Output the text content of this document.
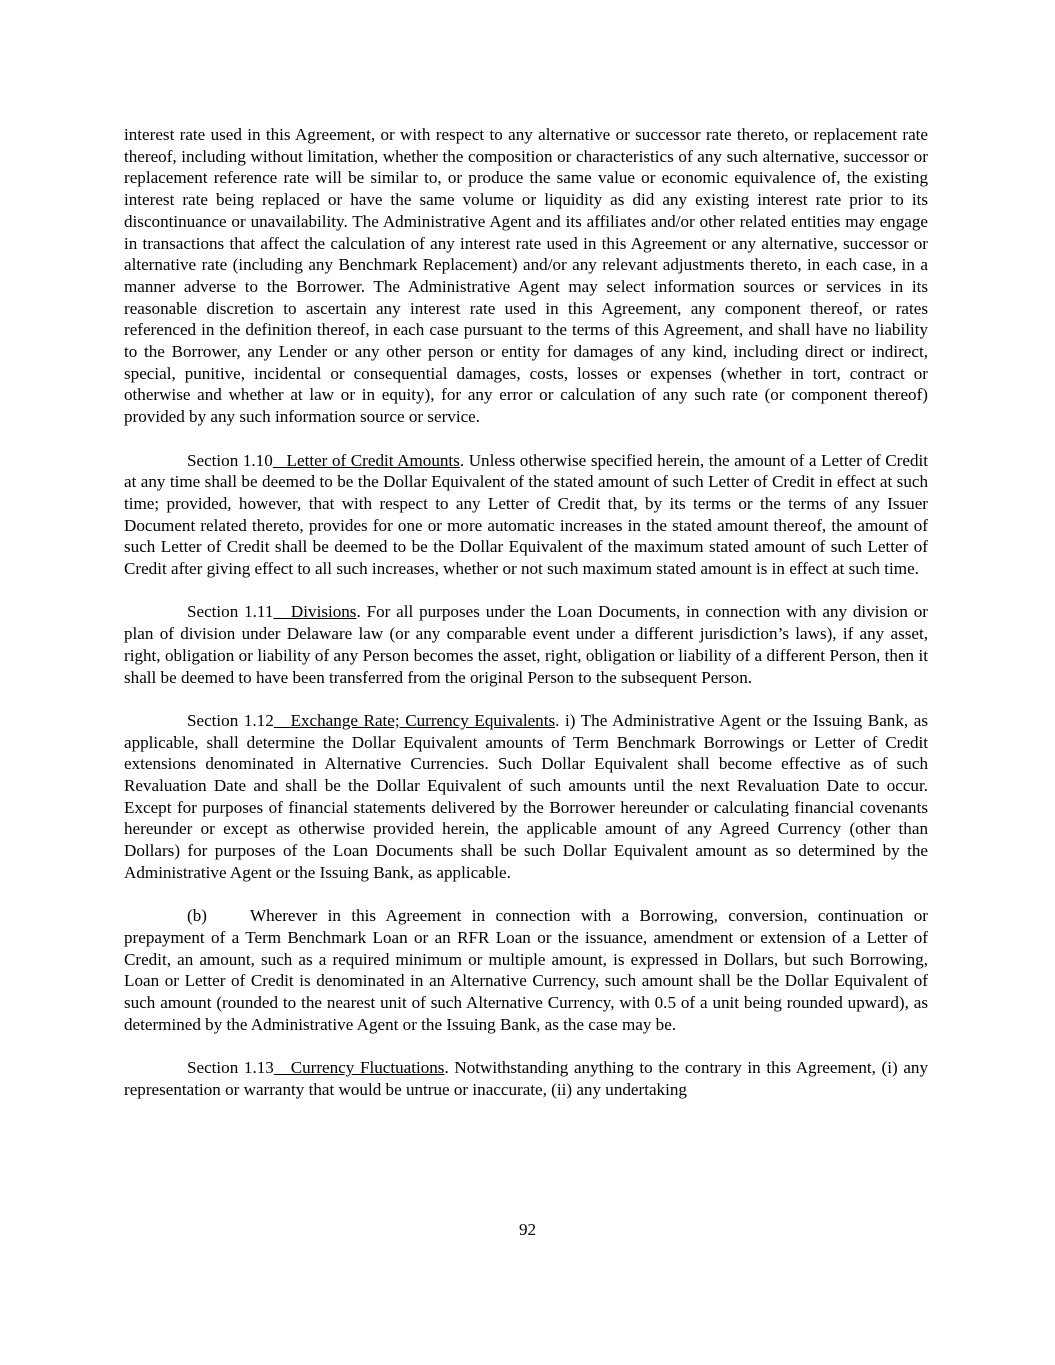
interest rate used in this Agreement, or with respect to any alternative or successor rate thereto, or replacement rate thereof, including without limitation, whether the composition or characteristics of any such alternative, successor or replacement reference rate will be similar to, or produce the same value or economic equivalence of, the existing interest rate being replaced or have the same volume or liquidity as did any existing interest rate prior to its discontinuance or unavailability. The Administrative Agent and its affiliates and/or other related entities may engage in transactions that affect the calculation of any interest rate used in this Agreement or any alternative, successor or alternative rate (including any Benchmark Replacement) and/or any relevant adjustments thereto, in each case, in a manner adverse to the Borrower. The Administrative Agent may select information sources or services in its reasonable discretion to ascertain any interest rate used in this Agreement, any component thereof, or rates referenced in the definition thereof, in each case pursuant to the terms of this Agreement, and shall have no liability to the Borrower, any Lender or any other person or entity for damages of any kind, including direct or indirect, special, punitive, incidental or consequential damages, costs, losses or expenses (whether in tort, contract or otherwise and whether at law or in equity), for any error or calculation of any such rate (or component thereof) provided by any such information source or service.

Section 1.10   Letter of Credit Amounts. Unless otherwise specified herein, the amount of a Letter of Credit at any time shall be deemed to be the Dollar Equivalent of the stated amount of such Letter of Credit in effect at such time; provided, however, that with respect to any Letter of Credit that, by its terms or the terms of any Issuer Document related thereto, provides for one or more automatic increases in the stated amount thereof, the amount of such Letter of Credit shall be deemed to be the Dollar Equivalent of the maximum stated amount of such Letter of Credit after giving effect to all such increases, whether or not such maximum stated amount is in effect at such time.

Section 1.11   Divisions. For all purposes under the Loan Documents, in connection with any division or plan of division under Delaware law (or any comparable event under a different jurisdiction’s laws), if any asset, right, obligation or liability of any Person becomes the asset, right, obligation or liability of a different Person, then it shall be deemed to have been transferred from the original Person to the subsequent Person.

Section 1.12   Exchange Rate; Currency Equivalents. i) The Administrative Agent or the Issuing Bank, as applicable, shall determine the Dollar Equivalent amounts of Term Benchmark Borrowings or Letter of Credit extensions denominated in Alternative Currencies. Such Dollar Equivalent shall become effective as of such Revaluation Date and shall be the Dollar Equivalent of such amounts until the next Revaluation Date to occur. Except for purposes of financial statements delivered by the Borrower hereunder or calculating financial covenants hereunder or except as otherwise provided herein, the applicable amount of any Agreed Currency (other than Dollars) for purposes of the Loan Documents shall be such Dollar Equivalent amount as so determined by the Administrative Agent or the Issuing Bank, as applicable.

(b)	Wherever in this Agreement in connection with a Borrowing, conversion, continuation or prepayment of a Term Benchmark Loan or an RFR Loan or the issuance, amendment or extension of a Letter of Credit, an amount, such as a required minimum or multiple amount, is expressed in Dollars, but such Borrowing, Loan or Letter of Credit is denominated in an Alternative Currency, such amount shall be the Dollar Equivalent of such amount (rounded to the nearest unit of such Alternative Currency, with 0.5 of a unit being rounded upward), as determined by the Administrative Agent or the Issuing Bank, as the case may be.

Section 1.13   Currency Fluctuations. Notwithstanding anything to the contrary in this Agreement, (i) any representation or warranty that would be untrue or inaccurate, (ii) any undertaking

92
